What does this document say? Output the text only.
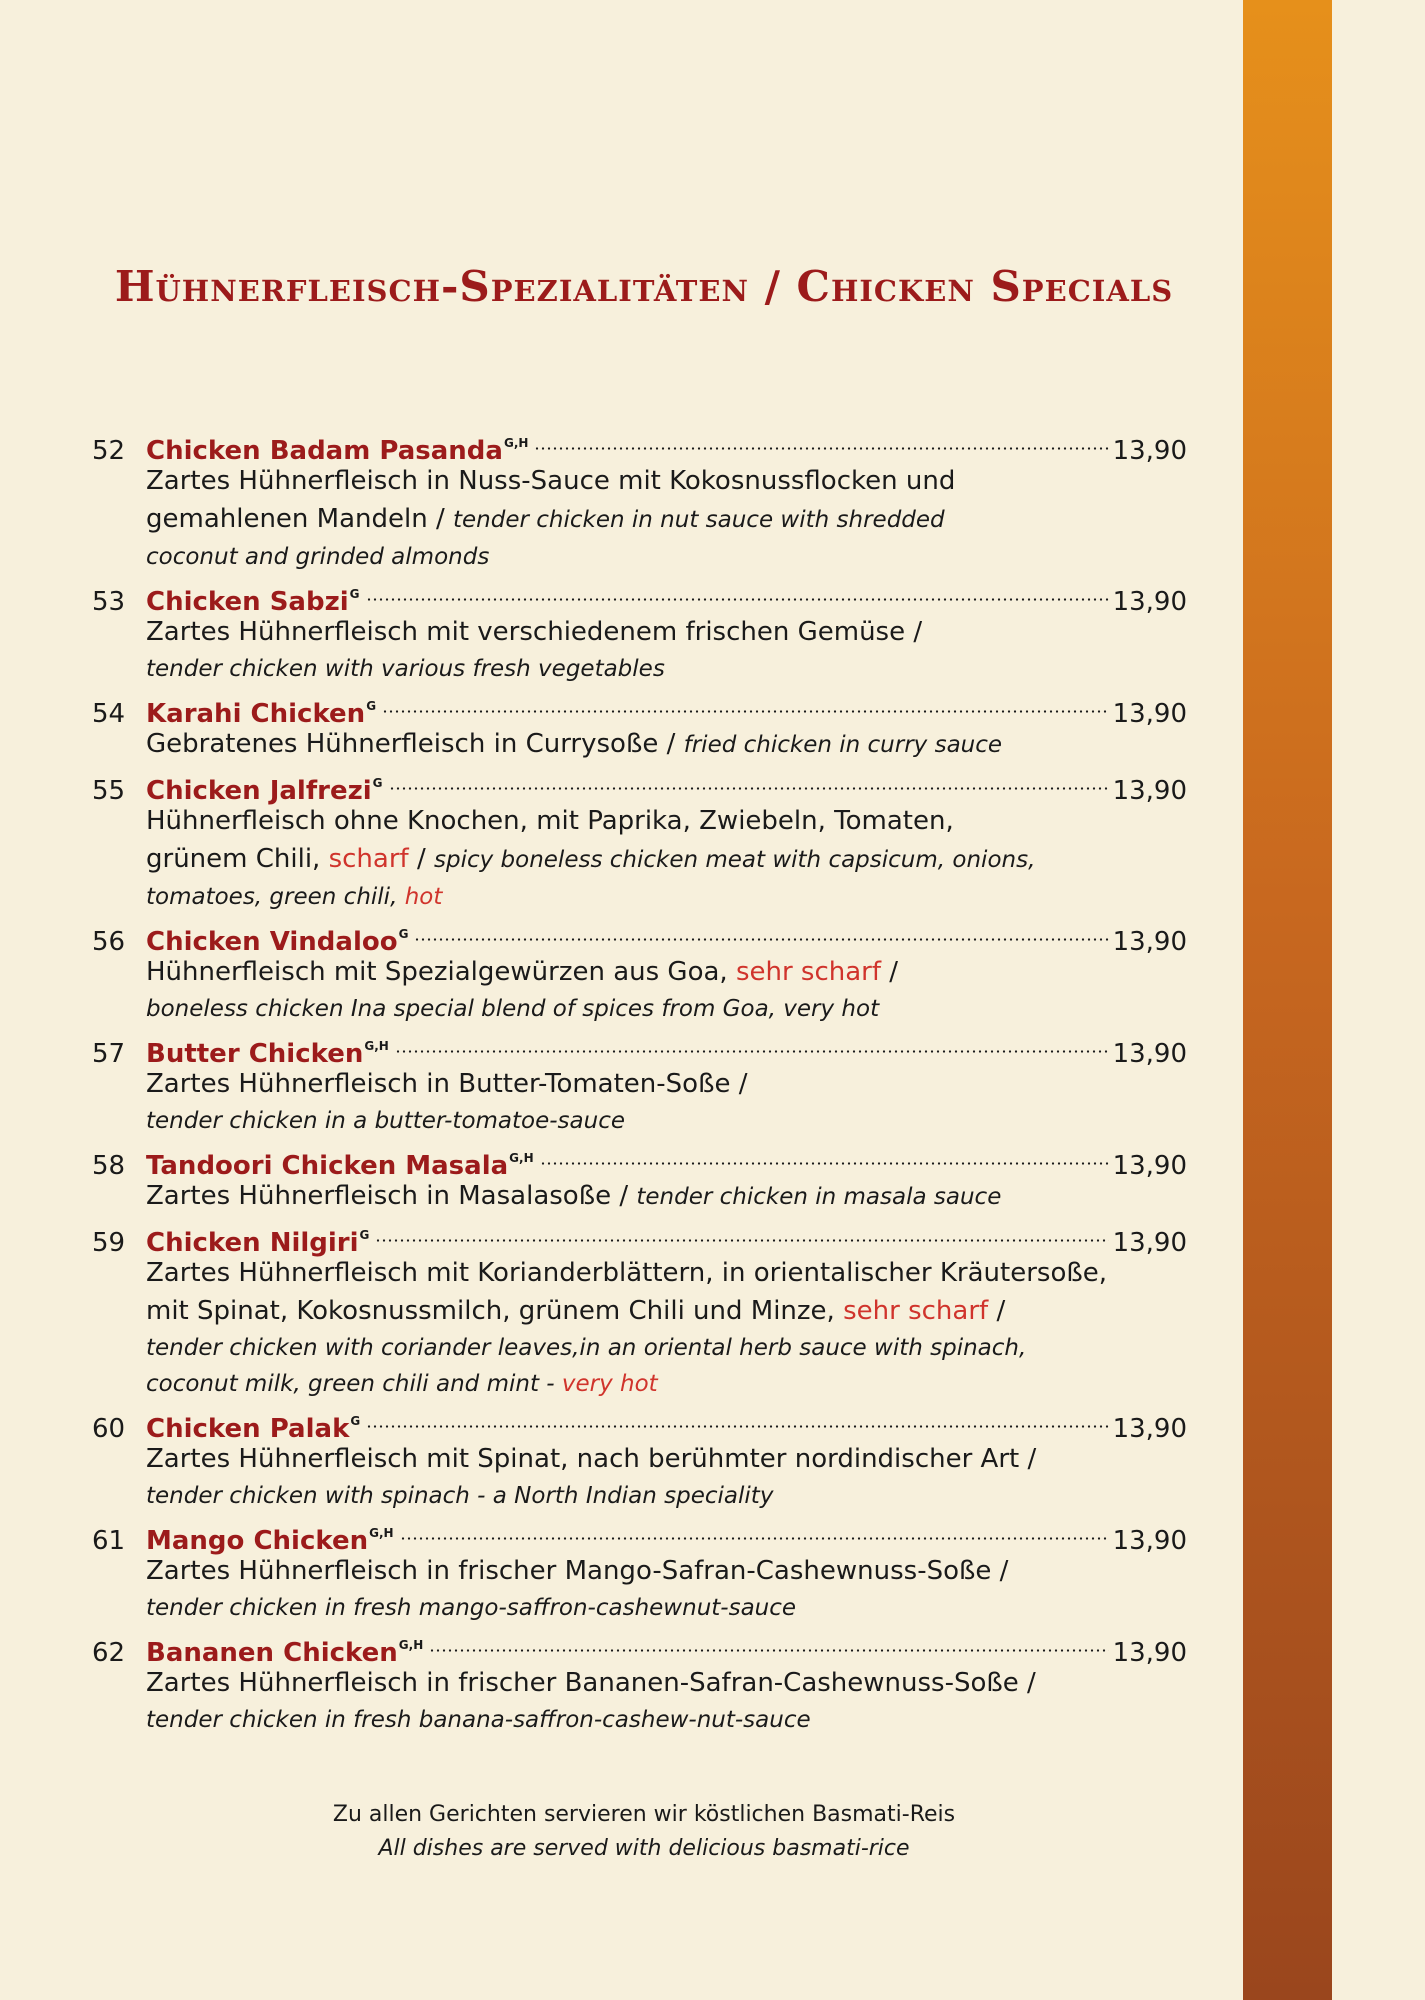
Hühnerfleisch-Spezialitäten / Chicken Specials
52 Chicken Badam Pasanda$^{G,H}$	13,90
Zartes Hühnerfleisch in Nuss-Sauce mit Kokosnussflocken und
gemahlenen Mandeln / tender chicken in nut sauce with shredded
coconut and grinded almonds
53 Chicken Sabzi$^G$	13,90
Zartes Hühnerfleisch mit verschiedenem frischen Gemüse /
tender chicken with various fresh vegetables
54 Karahi Chicken$^G$	13,90
Gebratenes Hühnerfleisch in Currysoße / fried chicken in curry sauce
55 Chicken Jalfrezi$^G$	13,90
Hühnerfleisch ohne Knochen, mit Paprika, Zwiebeln, Tomaten,
grünem Chili, scharf / spicy boneless chicken meat with capsicum, onions,
tomatoes, green chili, hot
56 Chicken Vindaloo$^G$	13,90
Hühnerfleisch mit Spezialgewürzen aus Goa, sehr scharf /
boneless chicken Ina special blend of spices from Goa, very hot
57 Butter Chicken$^{G,H}$	13,90
Zartes Hühnerfleisch in Butter-Tomaten-Soße /
tender chicken in a butter-tomatoe-sauce
58 Tandoori Chicken Masala$^{G,H}$	13,90
Zartes Hühnerfleisch in Masalasoße / tender chicken in masala sauce
59 Chicken Nilgiri$^G$	13,90
Zartes Hühnerfleisch mit Korianderblättern, in orientalischer Kräutersoße,
mit Spinat, Kokosnussmilch, grünem Chili und Minze, sehr scharf /
tender chicken with coriander leaves,in an oriental herb sauce with spinach,
coconut milk, green chili and mint - very hot
60 Chicken Palak$^G$	13,90
Zartes Hühnerfleisch mit Spinat, nach berühmter nordindischer Art /
tender chicken with spinach - a North Indian speciality
61 Mango Chicken$^{G,H}$	13,90
Zartes Hühnerfleisch in frischer Mango-Safran-Cashewnuss-Soße /
tender chicken in fresh mango-saffron-cashewnut-sauce
62 Bananen Chicken$^{G,H}$	13,90
Zartes Hühnerfleisch in frischer Bananen-Safran-Cashewnuss-Soße /
tender chicken in fresh banana-saffron-cashew-nut-sauce
Zu allen Gerichten servieren wir köstlichen Basmati-Reis
All dishes are served with delicious basmati-rice
